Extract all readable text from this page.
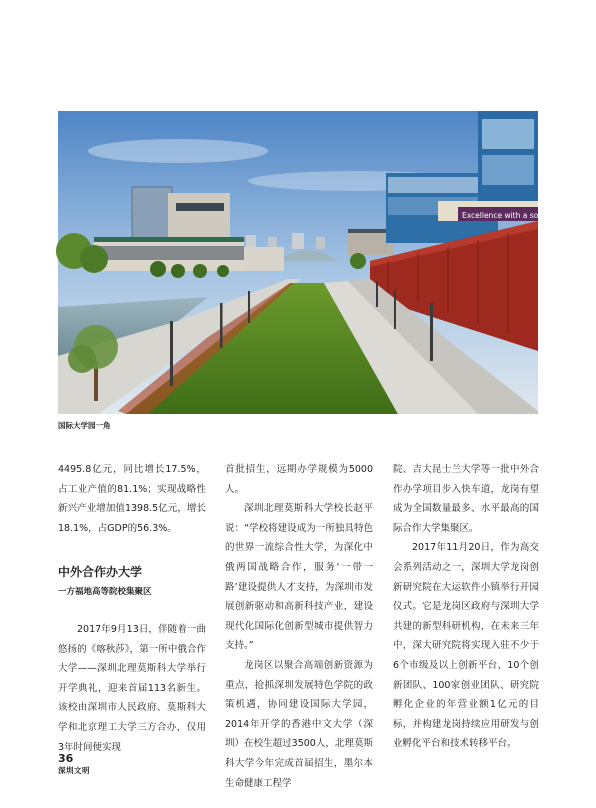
Excellence with a soul Leaders
国际大学园一角

4495.8亿元，同比增长17.5%，占工业产值的81.1%；实现战略性新兴产业增加值1398.5亿元，增长18.1%，占GDP的56.3%。

中外合作办大学
一方福地高等院校集聚区

2017年9月13日，伴随着一曲悠扬的《喀秋莎》，第一所中俄合作大学——深圳北理莫斯科大学举行开学典礼，迎来首届113名新生。该校由深圳市人民政府、莫斯科大学和北京理工大学三方合办，仅用3年时间便实现

首批招生，远期办学规模为5000人。

深圳北理莫斯科大学校长赵平说：“学校将建设成为一所独具特色的世界一流综合性大学，为深化中俄两国战略合作，服务‘一带一路’建设提供人才支持，为深圳市发展创新驱动和高新科技产业，建设现代化国际化创新型城市提供智力支持。”

龙岗区以聚合高端创新资源为重点，抢抓深圳发展特色学院的政策机遇，协同建设国际大学园，2014年开学的香港中文大学（深圳）在校生超过3500人，北理莫斯科大学今年完成首届招生，墨尔本生命健康工程学

院、吉大昆士兰大学等一批中外合作办学项目步入快车道，龙岗有望成为全国数量最多、水平最高的国际合作大学集聚区。

2017年11月20日，作为高交会系列活动之一，深圳大学龙岗创新研究院在大运软件小镇举行开园仪式。它是龙岗区政府与深圳大学共建的新型科研机构，在未来三年中，深大研究院将实现入驻不少于6个市级及以上创新平台、10个创新团队、100家创业团队、研究院孵化企业的年营业额1亿元的目标，并构建龙岗持续应用研发与创业孵化平台和技术转移平台。

36
深圳文明
